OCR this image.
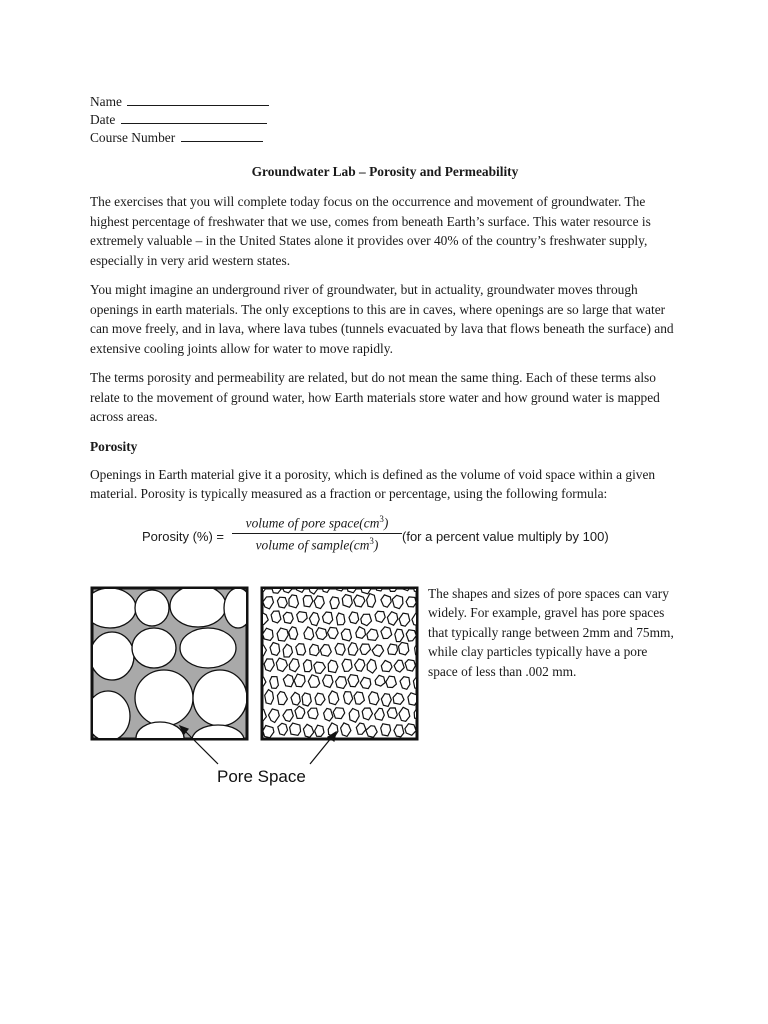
Name
Date
Course Number
Groundwater Lab – Porosity and Permeability

The exercises that you will complete today focus on the occurrence and movement of groundwater. The highest percentage of freshwater that we use, comes from beneath Earth’s surface. This water resource is extremely valuable – in the United States alone it provides over 40% of the country’s freshwater supply, especially in very arid western states.

You might imagine an underground river of groundwater, but in actuality, groundwater moves through openings in earth materials. The only exceptions to this are in caves, where openings are so large that water can move freely, and in lava, where lava tubes (tunnels evacuated by lava that flows beneath the surface) and extensive cooling joints allow for water to move rapidly.

The terms porosity and permeability are related, but do not mean the same thing. Each of these terms also relate to the movement of ground water, how Earth materials store water and how ground water is mapped across areas.

Porosity

Openings in Earth material give it a porosity, which is defined as the volume of void space within a given material. Porosity is typically measured as a fraction or percentage, using the following formula:

Porosity (%) =
volume of pore $space(cm^3)$
volume of $sample(cm^3)$
(for a percent value multiply by 100)
Pore Space
The shapes and sizes of pore spaces can vary widely. For example, gravel has pore spaces that typically range between 2mm and 75mm, while clay particles typically have a pore space of less than .002 mm.
